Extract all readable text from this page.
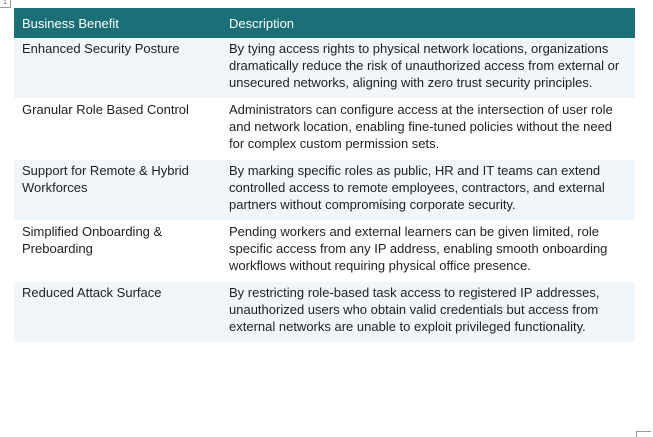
1
Business Benefit	Description
Enhanced Security Posture	By tying access rights to physical network locations, organizations dramatically reduce the risk of unauthorized access from external or unsecured networks, aligning with zero trust security principles.
Granular Role Based Control	Administrators can configure access at the intersection of user role and network location, enabling fine-tuned policies without the need for complex custom permission sets.
Support for Remote & Hybrid Workforces	By marking specific roles as public, HR and IT teams can extend controlled access to remote employees, contractors, and external partners without compromising corporate security.
Simplified Onboarding & Preboarding	Pending workers and external learners can be given limited, role specific access from any IP address, enabling smooth onboarding workflows without requiring physical office presence.
Reduced Attack Surface	By restricting role-based task access to registered IP addresses, unauthorized users who obtain valid credentials but access from external networks are unable to exploit privileged functionality.
